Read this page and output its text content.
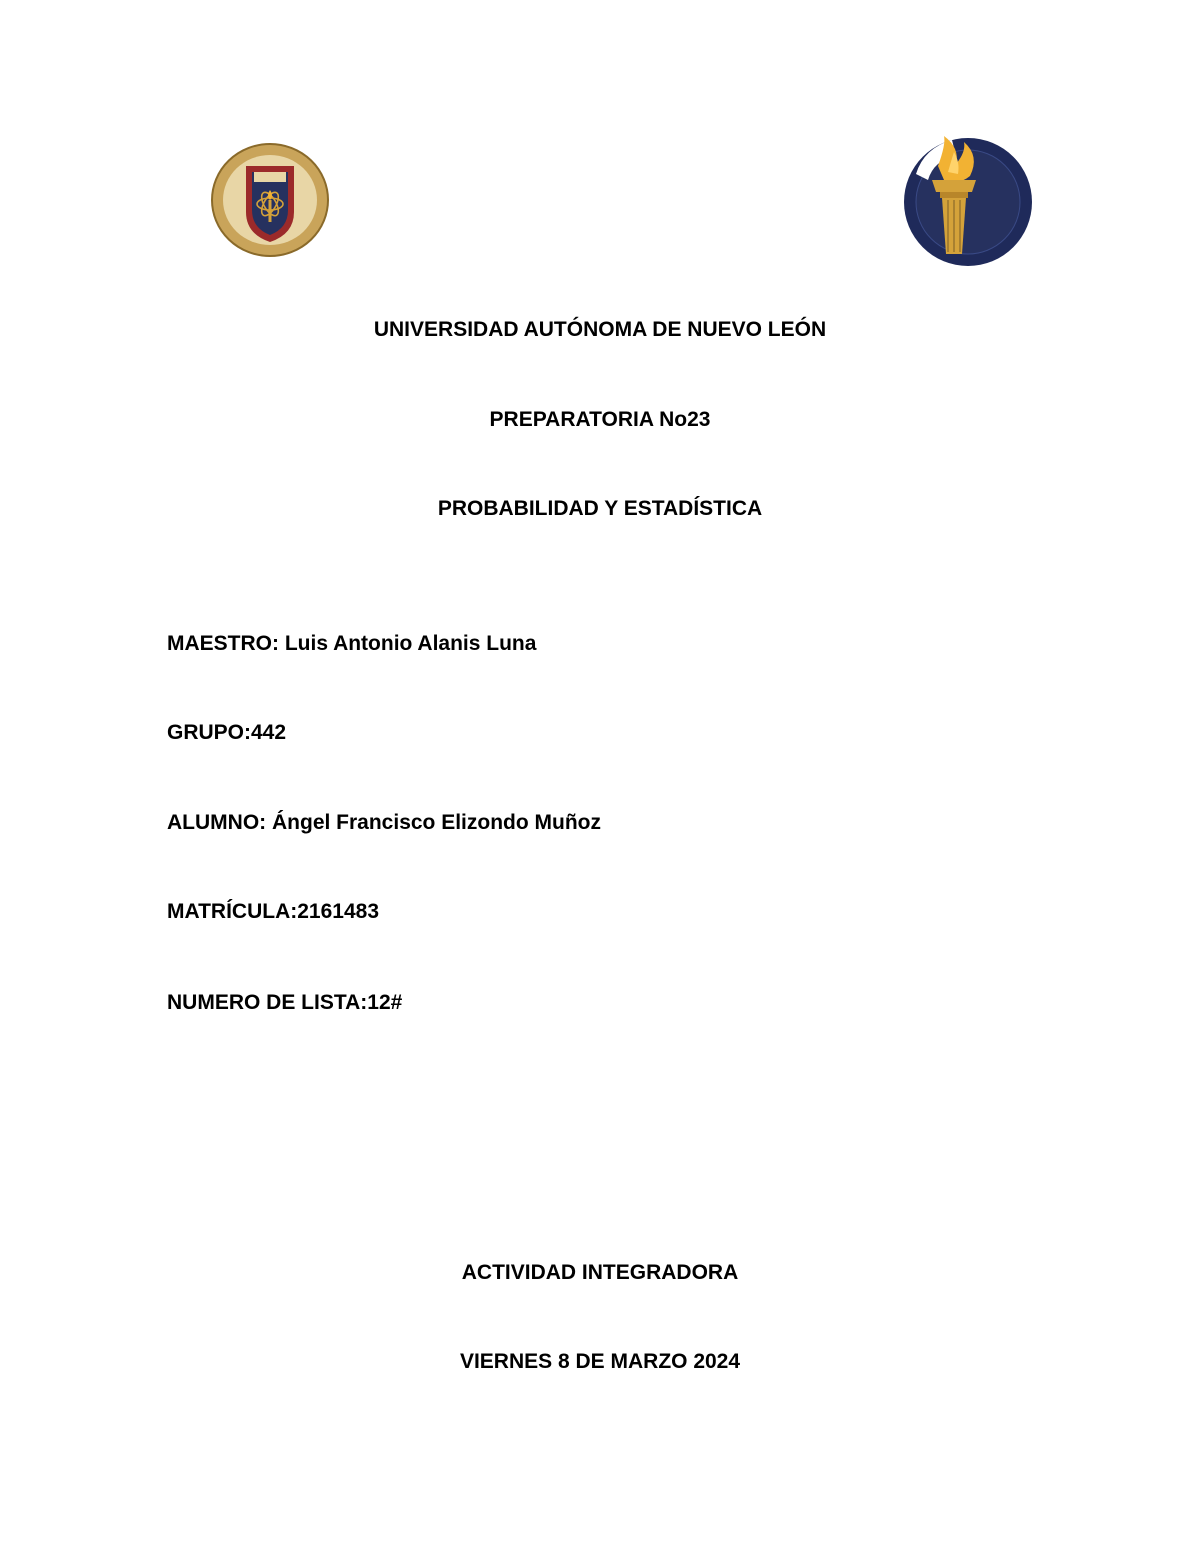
UNIVERSIDAD AUTÓNOMA DE NUEVO LEÓN
PREPARATORIA No23
PROBABILIDAD Y ESTADÍSTICA
MAESTRO: Luis Antonio Alanis Luna
GRUPO:442
ALUMNO: Ángel Francisco Elizondo Muñoz
MATRÍCULA:2161483
NUMERO DE LISTA:12#
ACTIVIDAD INTEGRADORA
VIERNES 8 DE MARZO 2024
